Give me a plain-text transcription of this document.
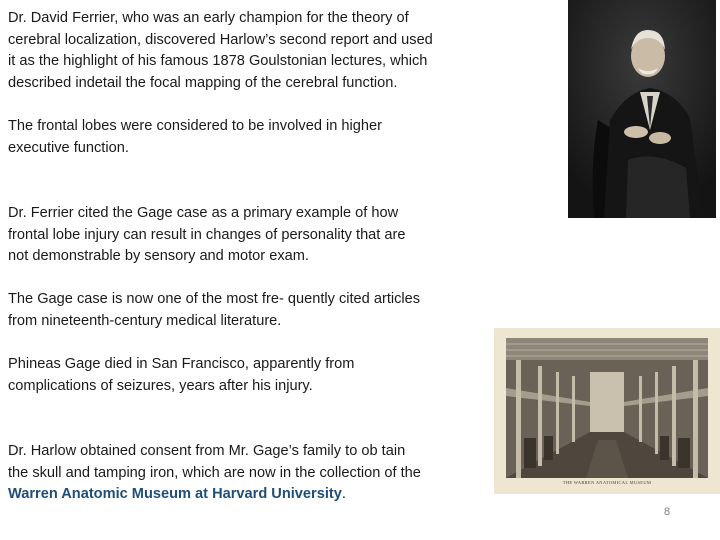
Dr. David Ferrier, who was an early champion for the theory of
cerebral localization, discovered Harlow’s second report and used
it as the highlight of his famous 1878 Goulstonian lectures, which
described indetail the focal mapping of the cerebral function.

The frontal lobes were considered to be involved in higher
executive function.

Dr. Ferrier cited the Gage case as a primary example of how
frontal lobe injury can result in changes of personality that are
not demonstrable by sensory and motor exam.

The Gage case is now one of the most fre- quently cited articles
from nineteenth-century medical literature.

Phineas Gage died in San Francisco, apparently from
complications of seizures, years after his injury.

Dr. Harlow obtained consent from Mr. Gage’s family to ob tain
the skull and tamping iron, which are now in the collection of the
Warren Anatomic Museum at Harvard University.

THE WARREN ANATOMICAL MUSEUM
8
